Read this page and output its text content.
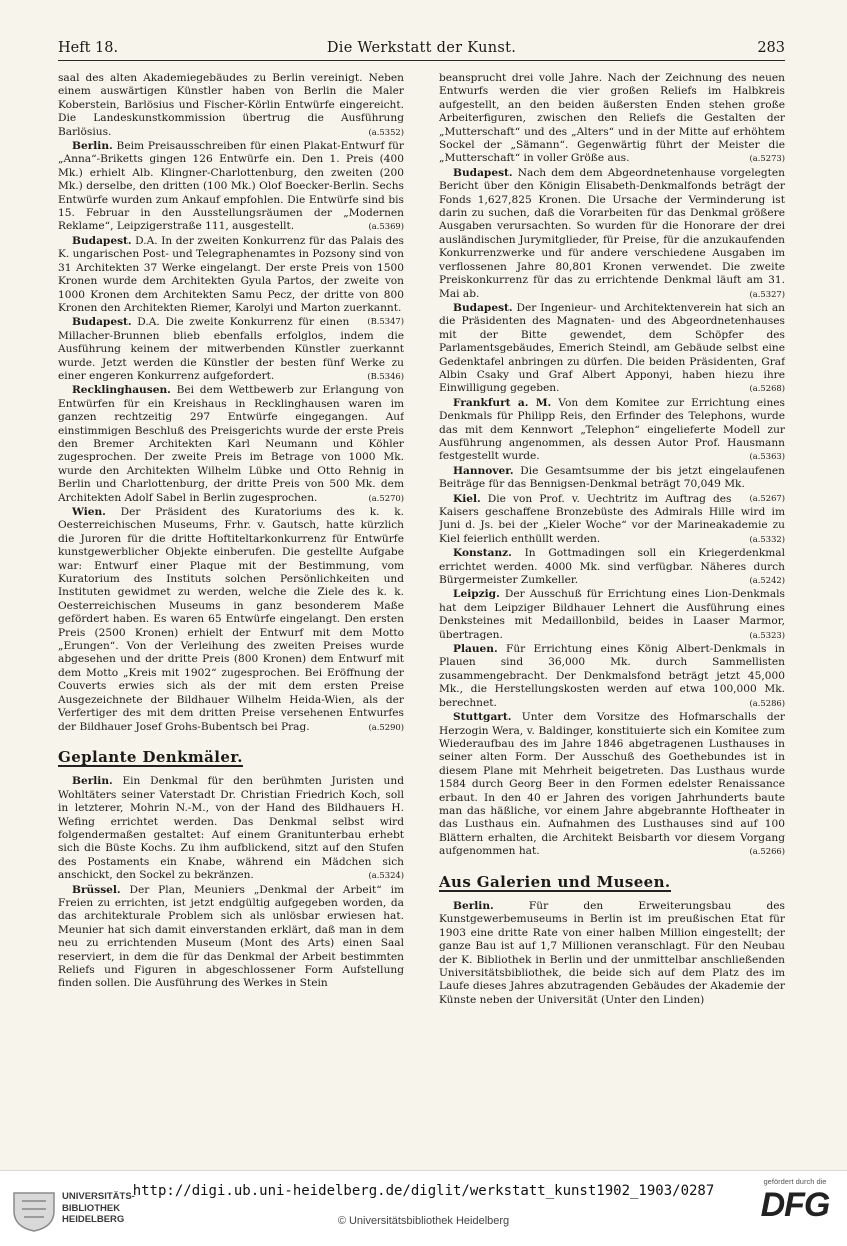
Heft 18.	Die Werkstatt der Kunst.	283

saal des alten Akademiegebäudes zu Berlin vereinigt. Neben einem auswärtigen Künstler haben von Berlin die Maler Koberstein, Barlösius und Fischer-Körlin Entwürfe eingereicht. Die Landeskunstkommission übertrug die Ausführung Barlösius.	(a.5352)

Berlin. Beim Preisausschreiben für einen Plakat-Entwurf für „Anna“-Briketts gingen 126 Entwürfe ein. Den 1. Preis (400 Mk.) erhielt Alb. Klingner-Charlottenburg, den zweiten (200 Mk.) derselbe, den dritten (100 Mk.) Olof Boecker-Berlin. Sechs Entwürfe wurden zum Ankauf empfohlen. Die Entwürfe sind bis 15. Februar in den Ausstellungsräumen der „Modernen Reklame“, Leipzigerstraße 111, ausgestellt.	(a.5369)

Budapest. D.A. In der zweiten Konkurrenz für das Palais des K. ungarischen Post- und Telegraphenamtes in Pozsony sind von 31 Architekten 37 Werke eingelangt. Der erste Preis von 1500 Kronen wurde dem Architekten Gyula Partos, der zweite von 1000 Kronen dem Architekten Samu Pecz, der dritte von 800 Kronen den Architekten Riemer, Karolyi und Marton zuerkannt.
(B.5347)

Budapest. D.A. Die zweite Konkurrenz für einen Millacher-Brunnen blieb ebenfalls erfolglos, indem die Ausführung keinem der mitwerbenden Künstler zuerkannt wurde. Jetzt werden die Künstler der besten fünf Werke zu einer engeren Konkurrenz aufgefordert.	(B.5346)

Recklinghausen. Bei dem Wettbewerb zur Erlangung von Entwürfen für ein Kreishaus in Recklinghausen waren im ganzen rechtzeitig 297 Entwürfe eingegangen. Auf einstimmigen Beschluß des Preisgerichts wurde der erste Preis den Bremer Architekten Karl Neumann und Köhler zugesprochen. Der zweite Preis im Betrage von 1000 Mk. wurde den Architekten Wilhelm Lübke und Otto Rehnig in Berlin und Charlottenburg, der dritte Preis von 500 Mk. dem Architekten Adolf Sabel in Berlin zugesprochen.	(a.5270)

Wien. Der Präsident des Kuratoriums des k. k. Oesterreichischen Museums, Frhr. v. Gautsch, hatte kürzlich die Juroren für die dritte Hoftiteltarkonkurrenz für Entwürfe kunstgewerblicher Objekte einberufen. Die gestellte Aufgabe war: Entwurf einer Plaque mit der Bestimmung, vom Kuratorium des Instituts solchen Persönlichkeiten und Instituten gewidmet zu werden, welche die Ziele des k. k. Oesterreichischen Museums in ganz besonderem Maße gefördert haben. Es waren 65 Entwürfe eingelangt. Den ersten Preis (2500 Kronen) erhielt der Entwurf mit dem Motto „Erungen“. Von der Verleihung des zweiten Preises wurde abgesehen und der dritte Preis (800 Kronen) dem Entwurf mit dem Motto „Kreis mit 1902“ zugesprochen. Bei Eröffnung der Couverts erwies sich als der mit dem ersten Preise Ausgezeichnete der Bildhauer Wilhelm Heida-Wien, als der Verfertiger des mit dem dritten Preise versehenen Entwurfes der Bildhauer Josef Grohs-Bubentsch bei Prag.	(a.5290)

Geplante Denkmäler.

Berlin. Ein Denkmal für den berühmten Juristen und Wohltäters seiner Vaterstadt Dr. Christian Friedrich Koch, soll in letzterer, Mohrin N.-M., von der Hand des Bildhauers H. Wefing errichtet werden. Das Denkmal selbst wird folgendermaßen gestaltet: Auf einem Granitunterbau erhebt sich die Büste Kochs. Zu ihm aufblickend, sitzt auf den Stufen des Postaments ein Knabe, während ein Mädchen sich anschickt, den Sockel zu bekränzen.	(a.5324)

Brüssel. Der Plan, Meuniers „Denkmal der Arbeit“ im Freien zu errichten, ist jetzt endgültig aufgegeben worden, da das architekturale Problem sich als unlösbar erwiesen hat. Meunier hat sich damit einverstanden erklärt, daß man in dem neu zu errichtenden Museum (Mont des Arts) einen Saal reserviert, in dem die für das Denkmal der Arbeit bestimmten Reliefs und Figuren in abgeschlossener Form Aufstellung finden sollen. Die Ausführung des Werkes in Stein

beansprucht drei volle Jahre. Nach der Zeichnung des neuen Entwurfs werden die vier großen Reliefs im Halbkreis aufgestellt, an den beiden äußersten Enden stehen große Arbeiterfiguren, zwischen den Reliefs die Gestalten der „Mutterschaft“ und des „Alters“ und in der Mitte auf erhöhtem Sockel der „Sämann“. Gegenwärtig führt der Meister die „Mutterschaft“ in voller Größe aus.	(a.5273)

Budapest. Nach dem dem Abgeordnetenhause vorgelegten Bericht über den Königin Elisabeth-Denkmalfonds beträgt der Fonds 1,627,825 Kronen. Die Ursache der Verminderung ist darin zu suchen, daß die Vorarbeiten für das Denkmal größere Ausgaben verursachten. So wurden für die Honorare der drei ausländischen Jurymitglieder, für Preise, für die anzukaufenden Konkurrenzwerke und für andere verschiedene Ausgaben im verflossenen Jahre 80,801 Kronen verwendet. Die zweite Preiskonkurrenz für das zu errichtende Denkmal läuft am 31. Mai ab.	(a.5327)

Budapest. Der Ingenieur- und Architektenverein hat sich an die Präsidenten des Magnaten- und des Abgeordnetenhauses mit der Bitte gewendet, dem Schöpfer des Parlamentsgebäudes, Emerich Steindl, am Gebäude selbst eine Gedenktafel anbringen zu dürfen. Die beiden Präsidenten, Graf Albin Csaky und Graf Albert Apponyi, haben hiezu ihre Einwilligung gegeben.	(a.5268)

Frankfurt a. M. Von dem Komitee zur Errichtung eines Denkmals für Philipp Reis, den Erfinder des Telephons, wurde das mit dem Kennwort „Telephon“ eingelieferte Modell zur Ausführung angenommen, als dessen Autor Prof. Hausmann festgestellt wurde.	(a.5363)

Hannover. Die Gesamtsumme der bis jetzt eingelaufenen Beiträge für das Bennigsen-Denkmal beträgt 70,049 Mk.
(a.5267)

Kiel. Die von Prof. v. Uechtritz im Auftrag des Kaisers geschaffene Bronzebüste des Admirals Hille wird im Juni d. Js. bei der „Kieler Woche“ vor der Marineakademie zu Kiel feierlich enthüllt werden.	(a.5332)

Konstanz. In Gottmadingen soll ein Kriegerdenkmal errichtet werden. 4000 Mk. sind verfügbar. Näheres durch Bürgermeister Zumkeller.	(a.5242)

Leipzig. Der Ausschuß für Errichtung eines Lion-Denkmals hat dem Leipziger Bildhauer Lehnert die Ausführung eines Denksteines mit Medaillonbild, beides in Laaser Marmor, übertragen.	(a.5323)

Plauen. Für Errichtung eines König Albert-Denkmals in Plauen sind 36,000 Mk. durch Sammellisten zusammengebracht. Der Denkmalsfond beträgt jetzt 45,000 Mk., die Herstellungskosten werden auf etwa 100,000 Mk. berechnet.	(a.5286)

Stuttgart. Unter dem Vorsitze des Hofmarschalls der Herzogin Wera, v. Baldinger, konstituierte sich ein Komitee zum Wiederaufbau des im Jahre 1846 abgetragenen Lusthauses in seiner alten Form. Der Ausschuß des Goethebundes ist in diesem Plane mit Mehrheit beigetreten. Das Lusthaus wurde 1584 durch Georg Beer in den Formen edelster Renaissance erbaut. In den 40 er Jahren des vorigen Jahrhunderts baute man das häßliche, vor einem Jahre abgebrannte Hoftheater in das Lusthaus ein. Aufnahmen des Lusthauses sind auf 100 Blättern erhalten, die Architekt Beisbarth vor diesem Vorgang aufgenommen hat.	(a.5266)

Aus Galerien und Museen.

Berlin.	Für den Erweiterungsbau des Kunstgewerbemuseums in Berlin ist im preußischen Etat für 1903 eine dritte Rate von einer halben Million eingestellt; der ganze Bau ist auf 1,7 Millionen veranschlagt. Für den Neubau der K. Bibliothek in Berlin und der unmittelbar anschließenden Universitätsbibliothek, die beide sich auf dem Platz des im Laufe dieses Jahres abzutragenden Gebäudes der Akademie der Künste neben der Universität (Unter den Linden)

UNIVERSITÄTS-
BIBLIOTHEK
HEIDELBERG
http://digi.ub.uni-heidelberg.de/diglit/werkstatt_kunst1902_1903/0287
© Universitätsbibliothek Heidelberg
gefördert durch die
DFG
